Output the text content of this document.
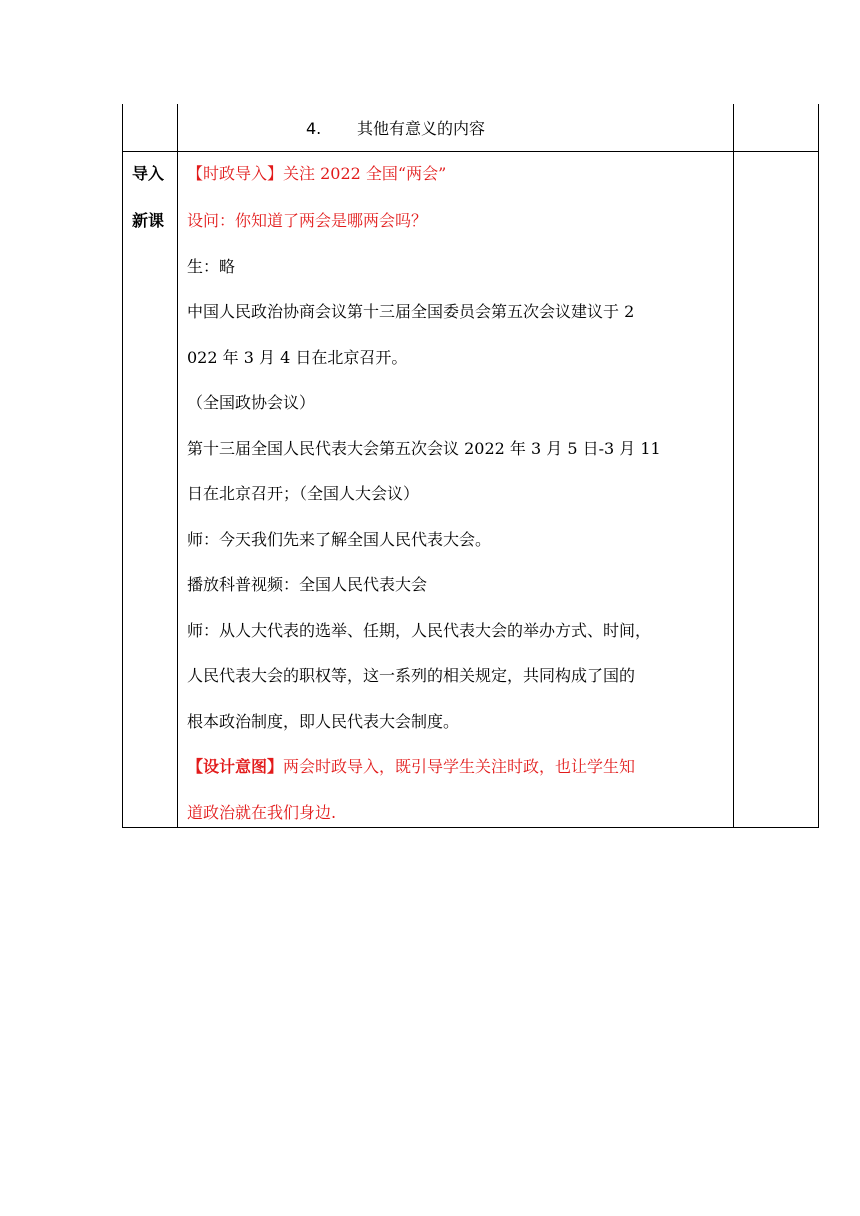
4. 其他有意义的内容
导入
新课
【时政导入】关注 2022 全国“两会”
设问：你知道了两会是哪两会吗？
生：略
中国人民政治协商会议第十三届全国委员会第五次会议建议于 2
022 年 3 月 4 日在北京召开。
（全国政协会议）
第十三届全国人民代表大会第五次会议 2022 年 3 月 5 日-3 月 11
日在北京召开；（全国人大会议）
师：今天我们先来了解全国人民代表大会。
播放科普视频：全国人民代表大会
师：从人大代表的选举、任期，人民代表大会的举办方式、时间，
人民代表大会的职权等，这一系列的相关规定，共同构成了国的
根本政治制度，即人民代表大会制度。
【设计意图】两会时政导入，既引导学生关注时政，也让学生知
道政治就在我们身边.
